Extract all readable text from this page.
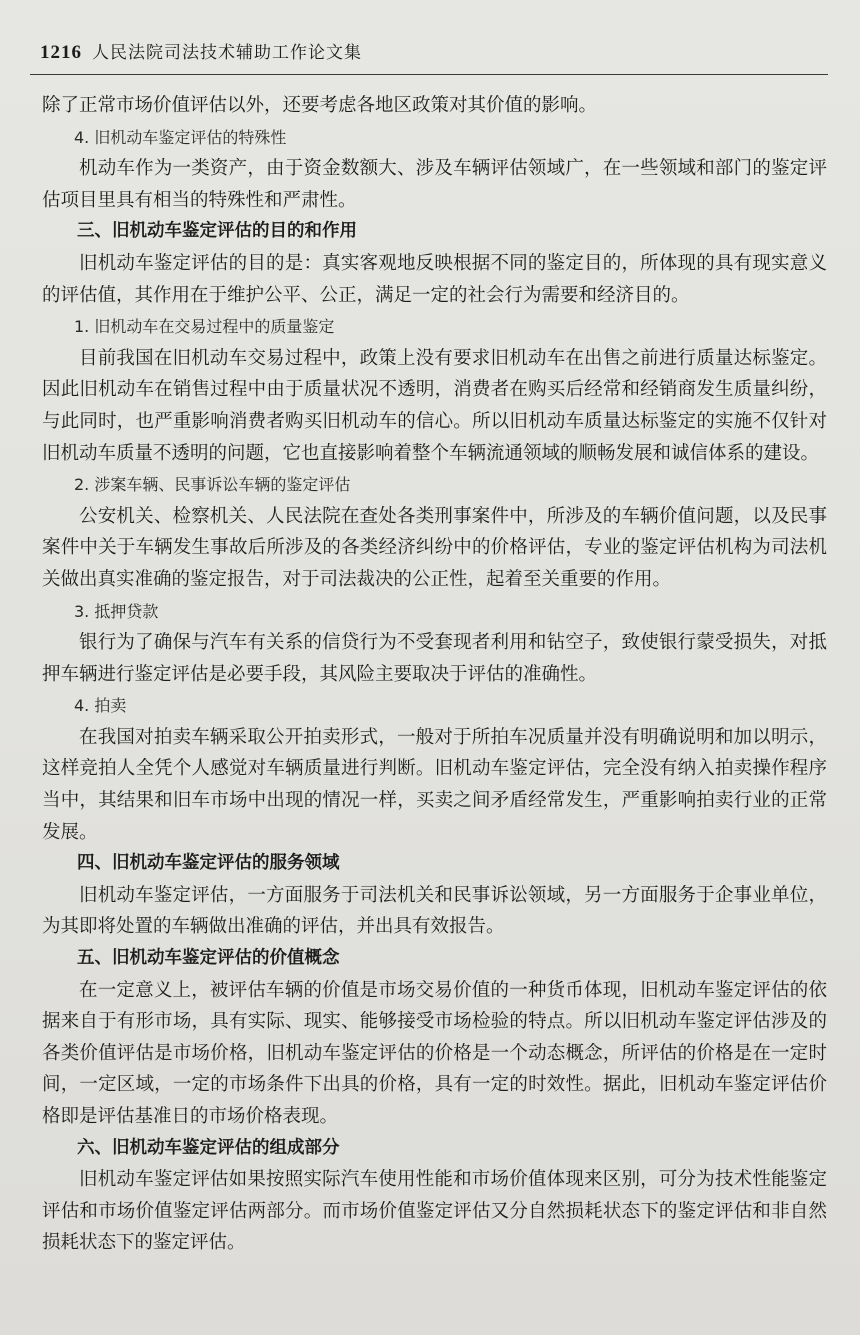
1216 人民法院司法技术辅助工作论文集

除了正常市场价值评估以外，还要考虑各地区政策对其价值的影响。

4. 旧机动车鉴定评估的特殊性

机动车作为一类资产，由于资金数额大、涉及车辆评估领域广，在一些领域和部门的鉴定评估项目里具有相当的特殊性和严肃性。

三、旧机动车鉴定评估的目的和作用

旧机动车鉴定评估的目的是：真实客观地反映根据不同的鉴定目的，所体现的具有现实意义的评估值，其作用在于维护公平、公正，满足一定的社会行为需要和经济目的。

1. 旧机动车在交易过程中的质量鉴定

目前我国在旧机动车交易过程中，政策上没有要求旧机动车在出售之前进行质量达标鉴定。因此旧机动车在销售过程中由于质量状况不透明，消费者在购买后经常和经销商发生质量纠纷，与此同时，也严重影响消费者购买旧机动车的信心。所以旧机动车质量达标鉴定的实施不仅针对旧机动车质量不透明的问题，它也直接影响着整个车辆流通领域的顺畅发展和诚信体系的建设。

2. 涉案车辆、民事诉讼车辆的鉴定评估

公安机关、检察机关、人民法院在查处各类刑事案件中，所涉及的车辆价值问题，以及民事案件中关于车辆发生事故后所涉及的各类经济纠纷中的价格评估，专业的鉴定评估机构为司法机关做出真实准确的鉴定报告，对于司法裁决的公正性，起着至关重要的作用。

3. 抵押贷款

银行为了确保与汽车有关系的信贷行为不受套现者利用和钻空子，致使银行蒙受损失，对抵押车辆进行鉴定评估是必要手段，其风险主要取决于评估的准确性。

4. 拍卖

在我国对拍卖车辆采取公开拍卖形式，一般对于所拍车况质量并没有明确说明和加以明示，这样竞拍人全凭个人感觉对车辆质量进行判断。旧机动车鉴定评估，完全没有纳入拍卖操作程序当中，其结果和旧车市场中出现的情况一样，买卖之间矛盾经常发生，严重影响拍卖行业的正常发展。

四、旧机动车鉴定评估的服务领域

旧机动车鉴定评估，一方面服务于司法机关和民事诉讼领域，另一方面服务于企事业单位，为其即将处置的车辆做出准确的评估，并出具有效报告。

五、旧机动车鉴定评估的价值概念

在一定意义上，被评估车辆的价值是市场交易价值的一种货币体现，旧机动车鉴定评估的依据来自于有形市场，具有实际、现实、能够接受市场检验的特点。所以旧机动车鉴定评估涉及的各类价值评估是市场价格，旧机动车鉴定评估的价格是一个动态概念，所评估的价格是在一定时间，一定区域，一定的市场条件下出具的价格，具有一定的时效性。据此，旧机动车鉴定评估价格即是评估基准日的市场价格表现。

六、旧机动车鉴定评估的组成部分

旧机动车鉴定评估如果按照实际汽车使用性能和市场价值体现来区别，可分为技术性能鉴定评估和市场价值鉴定评估两部分。而市场价值鉴定评估又分自然损耗状态下的鉴定评估和非自然损耗状态下的鉴定评估。
